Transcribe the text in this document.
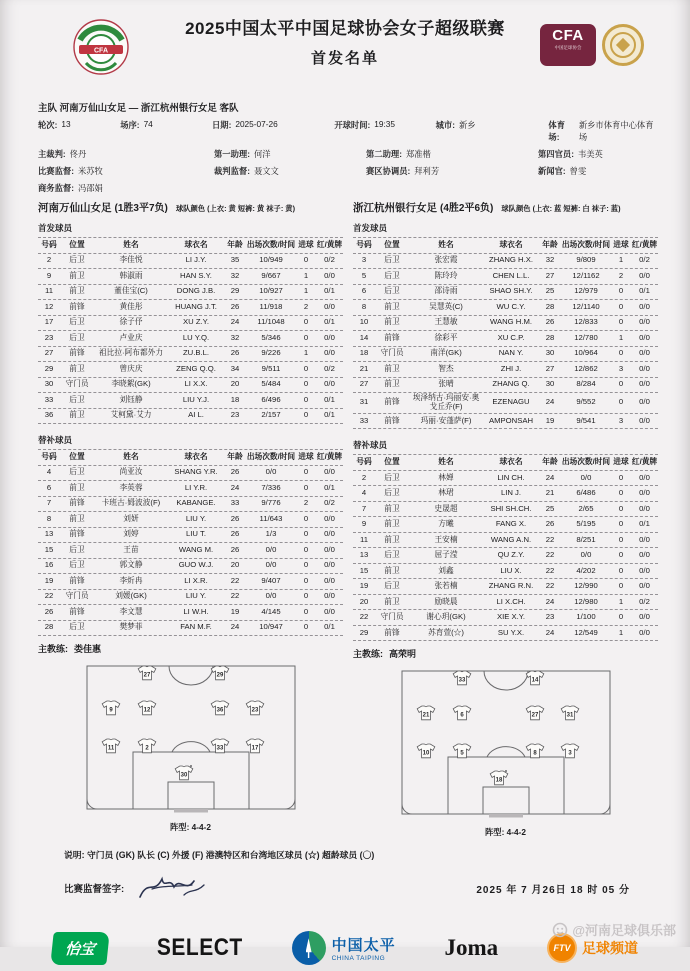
CFA
2025中国太平中国足球协会女子超级联赛
首发名单
CFA
中国足球协会
主队 河南万仙山女足 — 浙江杭州银行女足 客队
轮次: 13	场序: 74	日期: 2025-07-26	开球时间: 19:35	城市: 新乡	体育场:
新乡市体育中心体育场
主裁判: 佟丹	第一助理: 何洋	第二助理: 郑准楷	第四官员: 韦美英
比赛监督: 米苏牧	裁判监督: 聂文文	赛区协调员: 拜利芳	新闻官: 曾雯
商务监督: 冯邵娟
河南万仙山女足 (1胜3平7负) 球队颜色 (上衣: 黄 短裤: 黄 袜子: 黄)
首发球员
号码	位置	姓名	球衣名	年龄 出场次数/时间 进球 红/黄牌
2	后卫	李佳悦	LI J.Y.	35	10/949	0	0/2
9	前卫	韩淑雨	HAN S.Y.	32	9/667	1	0/0
11	前卫	董佳宝(C)	DONG J.B.	29	10/927	1	0/1
12	前锋	黄佳彤	HUANG J.T.	26	11/918	2	0/0
17	后卫	徐子伃	XU Z.Y.	24	11/1048	0	0/1
23	后卫	卢业庆	LU Y.Q.	32	5/346	0	0/0
27	前锋	祖比拉·阿布都外力	ZU.B.L.	26	9/226	1	0/0
29	前卫	曾庆庆	ZENG Q.Q.	34	9/511	0	0/2
30	守门员	李晓絮(GK)	LI X.X.	20	5/484	0	0/0
33	后卫	刘钰静	LIU Y.J.	18	6/496	0	0/1
36	前卫	艾柯黛·艾力	AI L.	23	2/157	0	0/1
替补球员
号码	位置	姓名	球衣名	年龄 出场次数/时间 进球 红/黄牌
4	后卫	尚亚汝	SHANG Y.R.	26	0/0	0	0/0
6	前卫	李英蓉	LI Y.R.	24	7/336	0	0/1
7	前锋	卡班古·姆波波(F)	KABANGE.	33	9/776	2	0/2
8	前卫	刘妍	LIU Y.	26	11/643	0	0/0
13	前锋	刘婷	LIU T.	26	1/3	0	0/0
15	后卫	王苗	WANG M.	26	0/0	0	0/0
16	后卫	郭文静	GUO W.J.	20	0/0	0	0/0
19	前锋	李炘冉	LI X.R.	22	9/407	0	0/0
22	守门员	刘媛(GK)	LIU Y.	22	0/0	0	0/0
26	前锋	李文慧	LI W.H.	19	4/145	0	0/0
28	后卫	樊梦菲	FAN M.F.	24	10/947	0	0/1
主教练: 娄佳惠
27	29
9	12	36	23
11	2	33	17
30
阵型: 4-4-2
浙江杭州银行女足 (4胜2平6负) 球队颜色 (上衣: 蓝 短裤: 白 袜子: 蓝)
首发球员
号码	位置	姓名	球衣名	年龄 出场次数/时间 进球 红/黄牌
3	后卫	张宏霞	ZHANG H.X.	32	9/809	1	0/2
5	后卫	陈玲玲	CHEN L.L.	27	12/1162	2	0/0
6	后卫	邵诗雨	SHAO SH.Y.	25	12/979	0	0/1
8	前卫	吴慧英(C)	WU C.Y.	28	12/1140	0	0/0
10	前卫	王慧敏	WANG H.M.	26	12/833	0	0/0
14	前锋	徐彩平	XU C.P.	28	12/780	1	0/0
18	守门员	南洋(GK)	NAN Y.	30	10/964	0	0/0
21	前卫	智杰	ZHI J.	27	12/862	3	0/0
27	前卫	张晴	ZHANG Q.	30	8/284	0	0/0
31	前锋	埃泽纳古·玛丽安·奥戈丘乔(F)	EZENAGU	24	9/552	0	0/0
33	前锋	玛丽·安蓬萨(F)	AMPONSAH	19	9/541	3	0/0
替补球员
号码	位置	姓名	球衣名	年龄 出场次数/时间 进球 红/黄牌
2	后卫	林婵	LIN CH.	24	0/0	0	0/0
4	后卫	林珺	LIN J.	21	6/486	0	0/0
7	前卫	史晟超	SHI SH.CH.	25	2/65	0	0/0
9	前卫	方曦	FANG X.	26	5/195	0	0/1
11	前卫	王安楠	WANG A.N.	22	8/251	0	0/0
13	后卫	屈子滢	QU Z.Y.	22	0/0	0	0/0
15	前卫	刘鑫	LIU X.	22	4/202	0	0/0
19	后卫	张若楠	ZHANG R.N.	22	12/990	0	0/0
20	前卫	励晓晨	LI X.CH.	24	12/980	1	0/2
22	守门员	谢心玥(GK)	XIE X.Y.	23	1/100	0	0/0
29	前锋	苏育萱(☆)	SU Y.X.	24	12/549	1	0/0
主教练: 高荣明
33	14
21	6	27	31
10	5	8	3
18
阵型: 4-4-2
说明: 守门员 (GK) 队长 (C) 外援 (F) 港澳特区和台湾地区球员 (☆) 超龄球员 (〇)
比赛监督签字:	2025 年 7 月26日 18 时 05 分
怡宝	SELECT	中国太平
CHINA TAIPING	Joma	FTV 足球频道
@河南足球俱乐部
